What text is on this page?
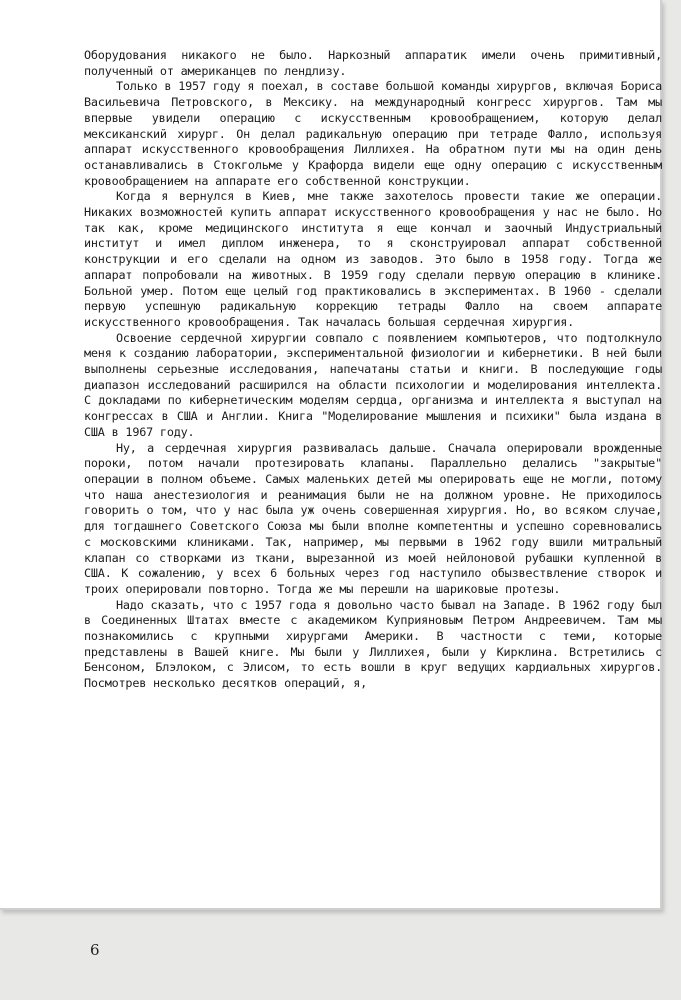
Оборудования никакого не было. Наркозный аппаратик имели очень примитивный, полученный от американцев по лендлизу.

Только в 1957 году я поехал, в составе большой команды хирургов, включая Бориса Васильевича Петровского, в Мексику. на международный конгресс хирургов. Там мы впервые увидели операцию с искусственным кровообращением, которую делал мексиканский хирург. Он делал радикальную операцию при тетраде Фалло, используя аппарат искусственного кровообращения Лиллихея. На обратном пути мы на один день останавливались в Стокгольме у Крафорда видели еще одну операцию с искусственным кровообращением на аппарате его собственной конструкции.

Когда я вернулся в Киев, мне также захотелось провести такие же операции. Никаких возможностей купить аппарат искусственного кровообращения у нас не было. Но так как, кроме медицинского института я еще кончал и заочный Индустриальный институт и имел диплом инженера, то я сконструировал аппарат собственной конструкции и его сделали на одном из заводов. Это было в 1958 году. Тогда же аппарат попробовали на животных. В 1959 году сделали первую операцию в клинике. Больной умер. Потом еще целый год практиковались в экспериментах. В 1960 - сделали первую успешную радикальную коррекцию тетрады Фалло на своем аппарате искусственного кровообращения. Так началась большая сердечная хирургия.

Освоение сердечной хирургии совпало с появлением компьютеров, что подтолкнуло меня к созданию лаборатории, экспериментальной физиологии и кибернетики. В ней были выполнены серьезные исследования, напечатаны статьи и книги. В последующие годы диапазон исследований расширился на области психологии и моделирования интеллекта. С докладами по кибернетическим моделям сердца, организма и интеллекта я выступал на конгрессах в США и Англии. Книга "Моделирование мышления и психики" была издана в США в 1967 году.

Ну, а сердечная хирургия развивалась дальше. Сначала оперировали врожденные пороки, потом начали протезировать клапаны. Параллельно делались "закрытые" операции в полном объеме. Самых маленьких детей мы оперировать еще не могли, потому что наша анестезиология и реанимация были не на должном уровне. Не приходилось говорить о том, что у нас была уж очень совершенная хирургия. Но, во всяком случае, для тогдашнего Советского Союза мы были вполне компетентны и успешно соревновались с московскими клиниками. Так, например, мы первыми в 1962 году вшили митральный клапан со створками из ткани, вырезанной из моей нейлоновой рубашки купленной в США. К сожалению, у всех 6 больных через год наступило обызвествление створок и троих оперировали повторно. Тогда же мы перешли на шариковые протезы.

Надо сказать, что с 1957 года я довольно часто бывал на Западе. В 1962 году был в Соединенных Штатах вместе с академиком Куприяновым Петром Андреевичем. Там мы познакомились с крупными хирургами Америки. В частности с теми, которые представлены в Вашей книге. Мы были у Лиллихея, были у Кирклина. Встретились с Бенсоном, Блэлоком, с Элисом, то есть вошли в круг ведущих кардиальных хирургов. Посмотрев несколько десятков операций, я,

6
